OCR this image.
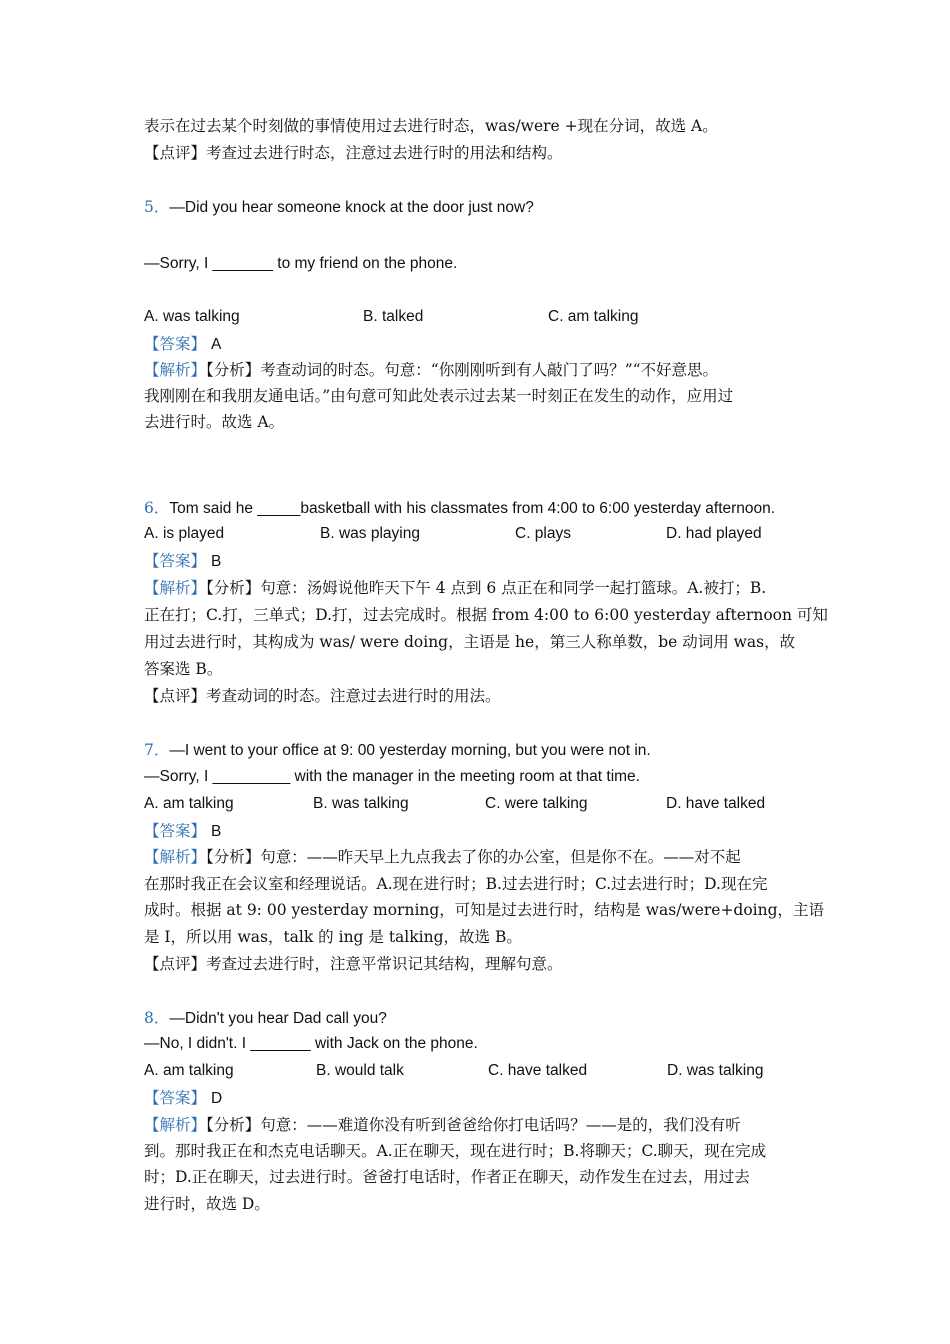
表示在过去某个时刻做的事情使用过去进行时态，was/were +现在分词，故选 A。
【点评】考查过去进行时态，注意过去进行时的用法和结构。
5．—Did you hear someone knock at the door just now?
—Sorry, I _______ to my friend on the phone.
A. was talking	B. talked	C. am talking
【答案】 A
【解析】【分析】考查动词的时态。句意：“你刚刚听到有人敲门了吗？”“不好意思。
我刚刚在和我朋友通电话。”由句意可知此处表示过去某一时刻正在发生的动作，应用过
去进行时。故选 A。
6．Tom said he _____basketball with his classmates from 4:00 to 6:00 yesterday afternoon.
A. is played	B. was playing	C. plays	D. had played
【答案】 B
【解析】【分析】句意：汤姆说他昨天下午 4 点到 6 点正在和同学一起打篮球。A.被打；B.
正在打；C.打，三单式；D.打，过去完成时。根据 from 4:00 to 6:00 yesterday afternoon 可知
用过去进行时，其构成为 was/ were doing，主语是 he，第三人称单数，be 动词用 was，故
答案选 B。
【点评】考查动词的时态。注意过去进行时的用法。
7．—I went to your office at 9: 00 yesterday morning, but you were not in.
—Sorry, I _________ with the manager in the meeting room at that time.
A. am talking	B. was talking	C. were talking	D. have talked
【答案】 B
【解析】【分析】句意：——昨天早上九点我去了你的办公室，但是你不在。——对不起
在那时我正在会议室和经理说话。A.现在进行时；B.过去进行时；C.过去进行时；D.现在完
成时。根据 at 9: 00 yesterday morning，可知是过去进行时，结构是 was/were+doing，主语
是 I，所以用 was，talk 的 ing 是 talking，故选 B。
【点评】考查过去进行时，注意平常识记其结构，理解句意。
8．—Didn't you hear Dad call you?
—No, I didn't. I _______ with Jack on the phone.
A. am talking	B. would talk	C. have talked	D. was talking
【答案】 D
【解析】【分析】句意：——难道你没有听到爸爸给你打电话吗？——是的，我们没有听
到。那时我正在和杰克电话聊天。A.正在聊天，现在进行时；B.将聊天；C.聊天，现在完成
时；D.正在聊天，过去进行时。爸爸打电话时，作者正在聊天，动作发生在过去，用过去
进行时，故选 D。
